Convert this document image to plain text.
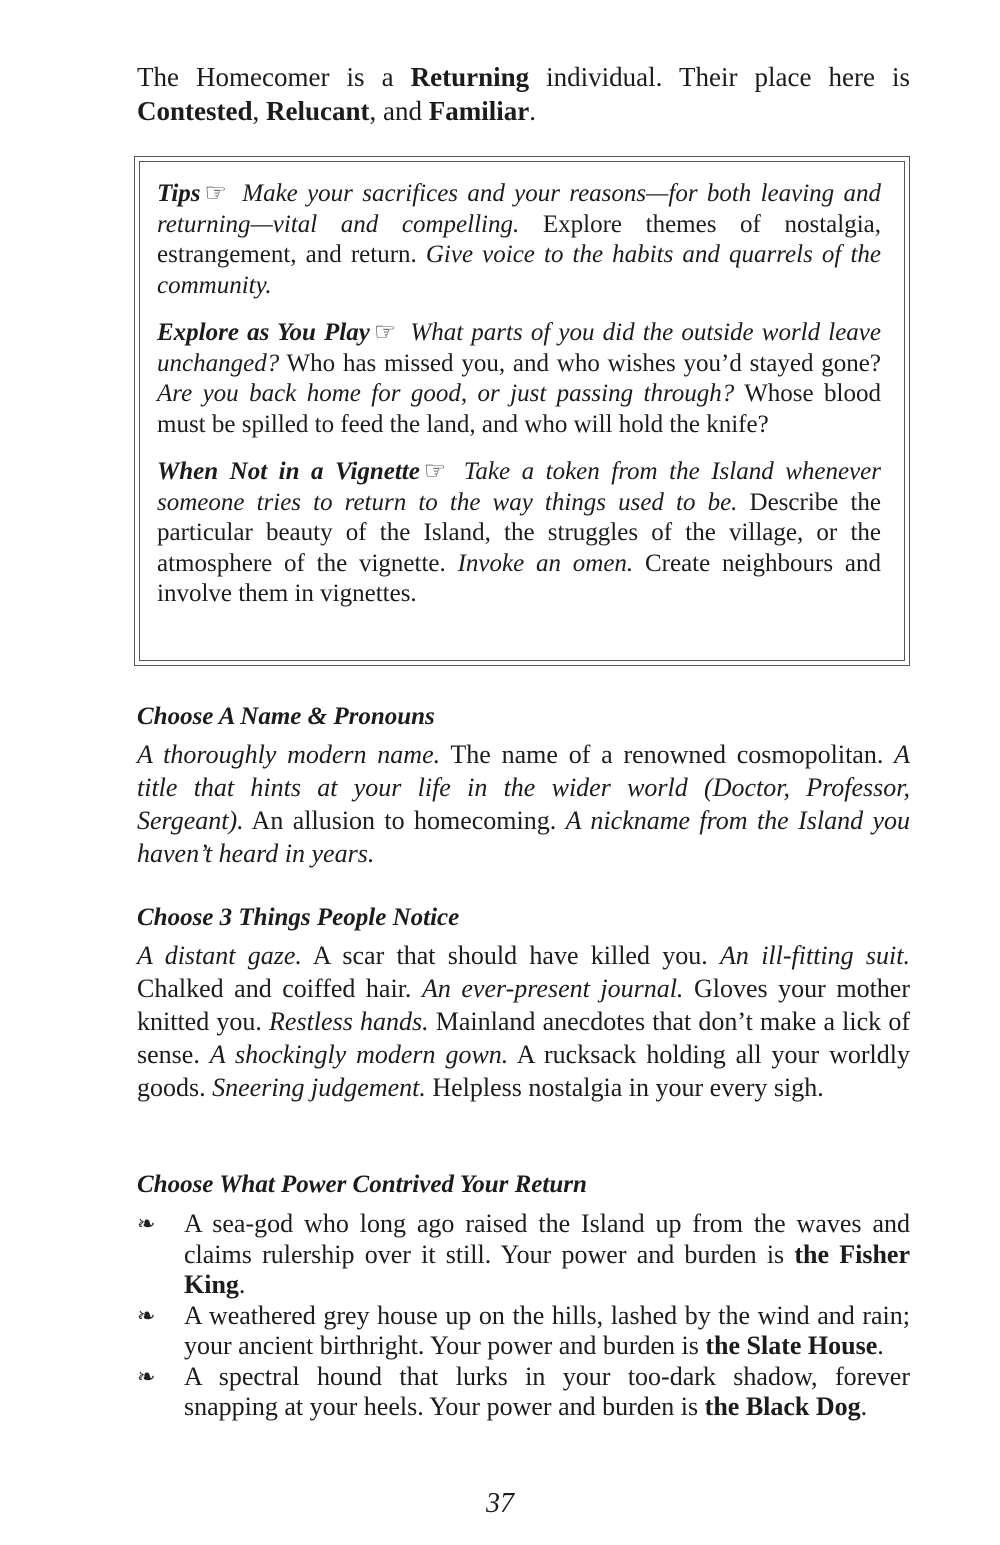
The Homecomer is a Returning individual. Their place here is Contested, Relucant, and Familiar.

Tips ☞ Make your sacrifices and your reasons—for both leaving and returning—vital and compelling. Explore themes of nostalgia, estrangement, and return. Give voice to the habits and quarrels of the community.

Explore as You Play ☞ What parts of you did the outside world leave unchanged? Who has missed you, and who wishes you’d stayed gone? Are you back home for good, or just passing through? Whose blood must be spilled to feed the land, and who will hold the knife?

When Not in a Vignette ☞ Take a token from the Island whenever someone tries to return to the way things used to be. Describe the particular beauty of the Island, the struggles of the village, or the atmosphere of the vignette. Invoke an omen. Create neighbours and involve them in vignettes.

Choose A Name & Pronouns

A thoroughly modern name. The name of a renowned cosmopolitan. A title that hints at your life in the wider world (Doctor, Professor, Sergeant). An allusion to homecoming. A nickname from the Island you haven’t heard in years.

Choose 3 Things People Notice

A distant gaze. A scar that should have killed you. An ill-fitting suit. Chalked and coiffed hair. An ever-present journal. Gloves your mother knitted you. Restless hands. Mainland anecdotes that don’t make a lick of sense. A shockingly modern gown. A rucksack holding all your worldly goods. Sneering judgement. Helpless nostalgia in your every sigh.

Choose What Power Contrived Your Return

❧ A sea-god who long ago raised the Island up from the waves and claims rulership over it still. Your power and burden is the Fisher King.
❧ A weathered grey house up on the hills, lashed by the wind and rain; your ancient birthright. Your power and burden is the Slate House.
❧ A spectral hound that lurks in your too-dark shadow, forever snapping at your heels. Your power and burden is the Black Dog.

37
